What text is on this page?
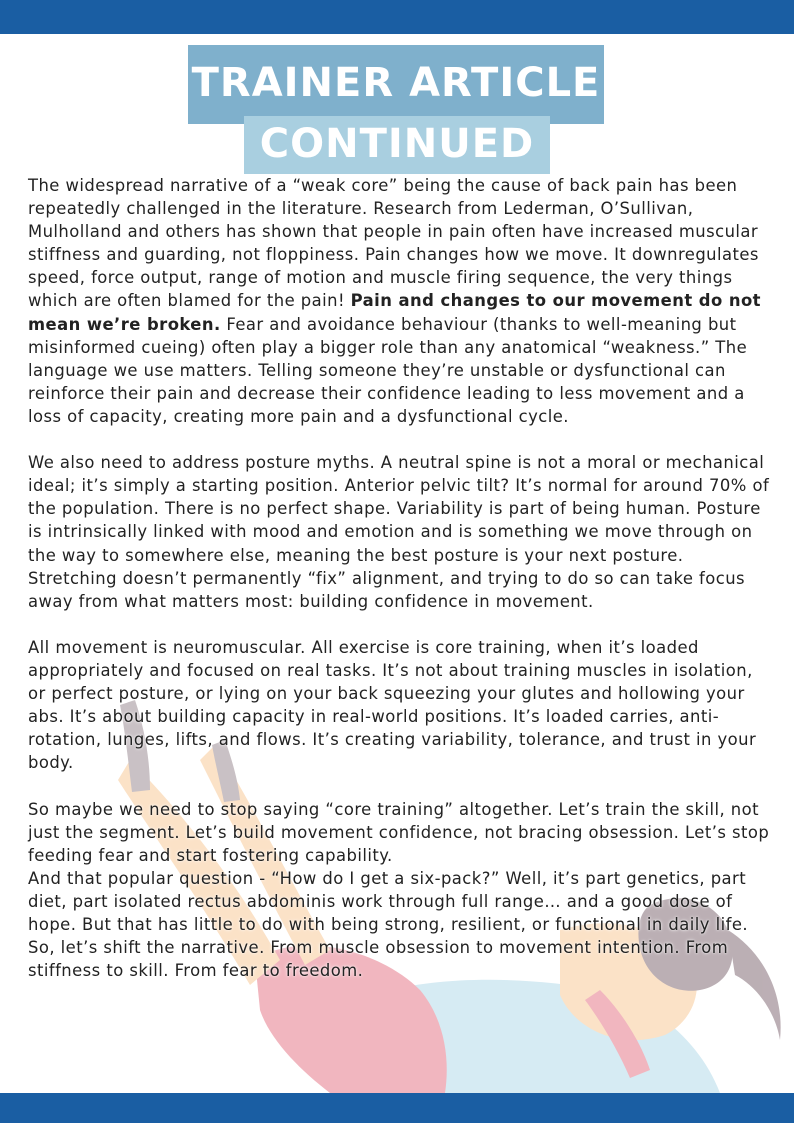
TRAINER ARTICLE
CONTINUED

The widespread narrative of a “weak core” being the cause of back pain has been repeatedly challenged in the literature. Research from Lederman, O’Sullivan, Mulholland and others has shown that people in pain often have increased muscular stiffness and guarding, not floppiness. Pain changes how we move. It downregulates speed, force output, range of motion and muscle firing sequence, the very things which are often blamed for the pain! Pain and changes to our movement do not mean we’re broken. Fear and avoidance behaviour (thanks to well-meaning but misinformed cueing) often play a bigger role than any anatomical “weakness.” The language we use matters. Telling someone they’re unstable or dysfunctional can reinforce their pain and decrease their confidence leading to less movement and a loss of capacity, creating more pain and a dysfunctional cycle.

We also need to address posture myths. A neutral spine is not a moral or mechanical ideal; it’s simply a starting position. Anterior pelvic tilt? It’s normal for around 70% of the population. There is no perfect shape. Variability is part of being human. Posture is intrinsically linked with mood and emotion and is something we move through on the way to somewhere else, meaning the best posture is your next posture. Stretching doesn’t permanently “fix” alignment, and trying to do so can take focus away from what matters most: building confidence in movement.

All movement is neuromuscular. All exercise is core training, when it’s loaded appropriately and focused on real tasks. It’s not about training muscles in isolation, or perfect posture, or lying on your back squeezing your glutes and hollowing your abs. It’s about building capacity in real-world positions. It’s loaded carries, anti-rotation, lunges, lifts, and flows. It’s creating variability, tolerance, and trust in your body.

So maybe we need to stop saying “core training” altogether. Let’s train the skill, not just the segment. Let’s build movement confidence, not bracing obsession. Let’s stop feeding fear and start fostering capability.

And that popular question - “How do I get a six-pack?” Well, it’s part genetics, part diet, part isolated rectus abdominis work through full range… and a good dose of hope. But that has little to do with being strong, resilient, or functional in daily life.

So, let’s shift the narrative. From muscle obsession to movement intention. From stiffness to skill. From fear to freedom.
